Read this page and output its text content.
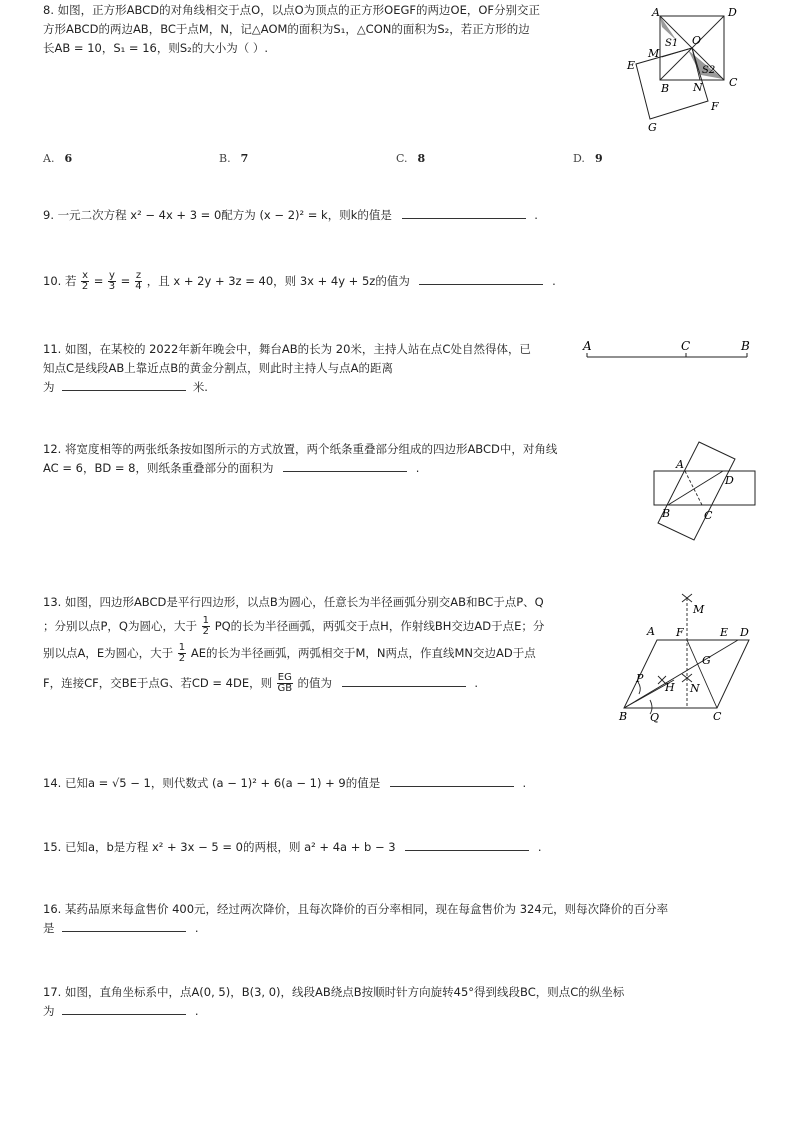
8. 如图，正方形ABCD的对角线相交于点O，以点O为顶点的正方形OEGF的两边OE，OF分别交正
方形ABCD的两边AB，BC于点M，N，记△AOM的面积为S₁，△CON的面积为S₂，若正方形的边
长AB = 10，S₁ = 16，则S₂的大小为（ ）.
A	D
O
S1
S2
M
E
C
B N
F
G
A. 6	B. 7	C. 8	D. 9
9. 一元二次方程 x² − 4x + 3 = 0配方为 (x − 2)² = k，则k的值是	.
10. 若 $\frac{x}{2} = \frac{y}{3} = \frac{z}{4}$ ，且 x + 2y + 3z = 40，则 3x + 4y + 5z的值为	.
11. 如图，在某校的 2022年新年晚会中，舞台AB的长为 20米，主持人站在点C处自然得体，已
知点C是线段AB上靠近点B的黄金分割点，则此时主持人与点A的距离
为	米.
A	C	B
12. 将宽度相等的两张纸条按如图所示的方式放置，两个纸条重叠部分组成的四边形ABCD中，对角线
AC = 6，BD = 8，则纸条重叠部分的面积为	.	A
D
B	C
13. 如图，四边形ABCD是平行四边形，以点B为圆心，任意长为半径画弧分别交AB和BC于点P、Q
；分别以点P，Q为圆心，大于 $\frac{1}{2}$ PQ的长为半径画弧，两弧交于点H，作射线BH交边AD于点E；分
别以点A，E为圆心，大于 $\frac{1}{2}$ AE的长为半径画弧，两弧相交于M，N两点，作直线MN交边AD于点
F，连接CF，交BE于点G、若CD = 4DE，则 $\frac{EG}{GB}$ 的值为	.
M
A F	E D
G
P
H N
B Q	C
14. 已知a = √5 − 1，则代数式 (a − 1)² + 6(a − 1) + 9的值是	.
15. 已知a，b是方程 x² + 3x − 5 = 0的两根，则 a² + 4a + b − 3	.
16. 某药品原来每盒售价 400元，经过两次降价，且每次降价的百分率相同，现在每盒售价为 324元，则每次降价的百分率
是	.
17. 如图，直角坐标系中，点A(0, 5)，B(3, 0)，线段AB绕点B按顺时针方向旋转45°得到线段BC，则点C的纵坐标
为	.
